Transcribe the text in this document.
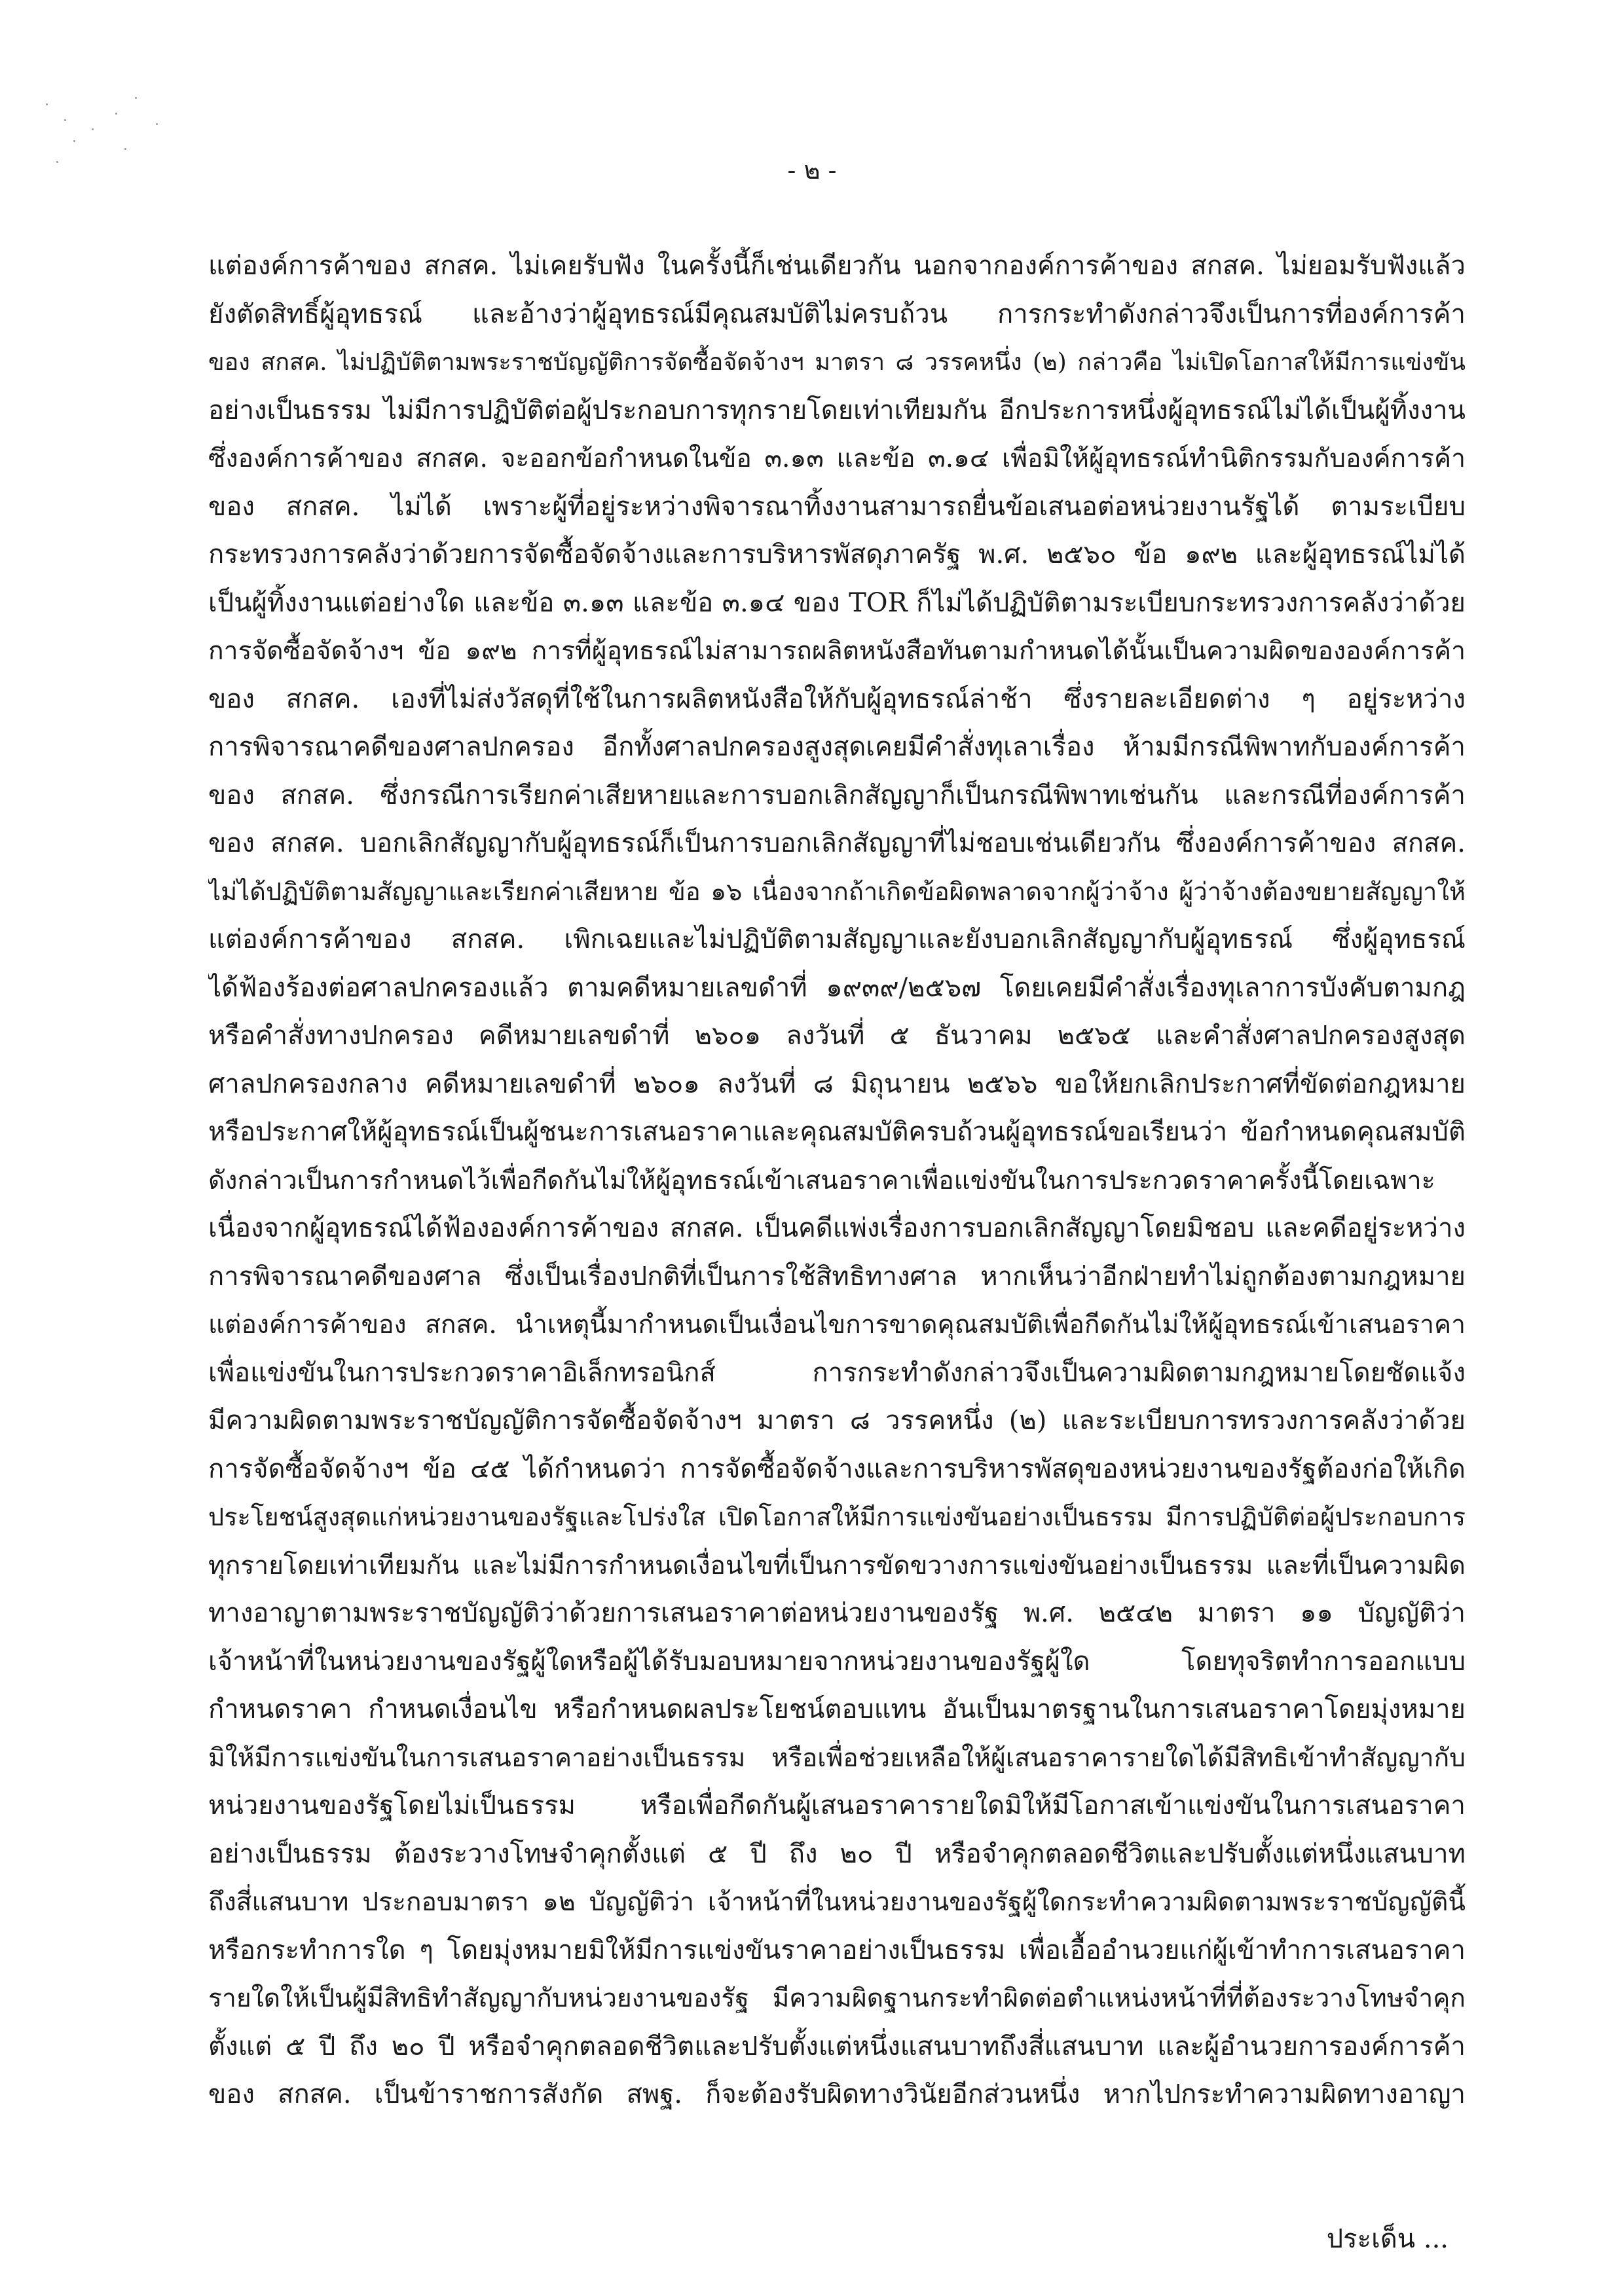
- ๒ -
แต่องค์การค้าของ สกสค. ไม่เคยรับฟัง ในครั้งนี้ก็เช่นเดียวกัน นอกจากองค์การค้าของ สกสค. ไม่ยอมรับฟังแล้ว
ยังตัดสิทธิ์ผู้อุทธรณ์ และอ้างว่าผู้อุทธรณ์มีคุณสมบัติไม่ครบถ้วน การกระทำดังกล่าวจึงเป็นการที่องค์การค้า
ของ สกสค. ไม่ปฏิบัติตามพระราชบัญญัติการจัดซื้อจัดจ้างฯ มาตรา ๘ วรรคหนึ่ง (๒) กล่าวคือ ไม่เปิดโอกาสให้มีการแข่งขัน
อย่างเป็นธรรม ไม่มีการปฏิบัติต่อผู้ประกอบการทุกรายโดยเท่าเทียมกัน อีกประการหนึ่งผู้อุทธรณ์ไม่ได้เป็นผู้ทิ้งงาน
ซึ่งองค์การค้าของ สกสค. จะออกข้อกำหนดในข้อ ๓.๑๓ และข้อ ๓.๑๔ เพื่อมิให้ผู้อุทธรณ์ทำนิติกรรมกับองค์การค้า
ของ สกสค. ไม่ได้ เพราะผู้ที่อยู่ระหว่างพิจารณาทิ้งงานสามารถยื่นข้อเสนอต่อหน่วยงานรัฐได้ ตามระเบียบ
กระทรวงการคลังว่าด้วยการจัดซื้อจัดจ้างและการบริหารพัสดุภาครัฐ พ.ศ. ๒๕๖๐ ข้อ ๑๙๒ และผู้อุทธรณ์ไม่ได้
เป็นผู้ทิ้งงานแต่อย่างใด และข้อ ๓.๑๓ และข้อ ๓.๑๔ ของ TOR ก็ไม่ได้ปฏิบัติตามระเบียบกระทรวงการคลังว่าด้วย
การจัดซื้อจัดจ้างฯ ข้อ ๑๙๒ การที่ผู้อุทธรณ์ไม่สามารถผลิตหนังสือทันตามกำหนดได้นั้นเป็นความผิดขององค์การค้า
ของ สกสค. เองที่ไม่ส่งวัสดุที่ใช้ในการผลิตหนังสือให้กับผู้อุทธรณ์ล่าช้า ซึ่งรายละเอียดต่าง ๆ อยู่ระหว่าง
การพิจารณาคดีของศาลปกครอง อีกทั้งศาลปกครองสูงสุดเคยมีคำสั่งทุเลาเรื่อง ห้ามมีกรณีพิพาทกับองค์การค้า
ของ สกสค. ซึ่งกรณีการเรียกค่าเสียหายและการบอกเลิกสัญญาก็เป็นกรณีพิพาทเช่นกัน และกรณีที่องค์การค้า
ของ สกสค. บอกเลิกสัญญากับผู้อุทธรณ์ก็เป็นการบอกเลิกสัญญาที่ไม่ชอบเช่นเดียวกัน ซึ่งองค์การค้าของ สกสค.
ไม่ได้ปฏิบัติตามสัญญาและเรียกค่าเสียหาย ข้อ ๑๖ เนื่องจากถ้าเกิดข้อผิดพลาดจากผู้ว่าจ้าง ผู้ว่าจ้างต้องขยายสัญญาให้
แต่องค์การค้าของ สกสค. เพิกเฉยและไม่ปฏิบัติตามสัญญาและยังบอกเลิกสัญญากับผู้อุทธรณ์ ซึ่งผู้อุทธรณ์
ได้ฟ้องร้องต่อศาลปกครองแล้ว ตามคดีหมายเลขดำที่ ๑๙๓๙/๒๕๖๗ โดยเคยมีคำสั่งเรื่องทุเลาการบังคับตามกฎ
หรือคำสั่งทางปกครอง คดีหมายเลขดำที่ ๒๖๐๑ ลงวันที่ ๕ ธันวาคม ๒๕๖๕ และคำสั่งศาลปกครองสูงสุด
ศาลปกครองกลาง คดีหมายเลขดำที่ ๒๖๐๑ ลงวันที่ ๘ มิถุนายน ๒๕๖๖ ขอให้ยกเลิกประกาศที่ขัดต่อกฎหมาย
หรือประกาศให้ผู้อุทธรณ์เป็นผู้ชนะการเสนอราคาและคุณสมบัติครบถ้วนผู้อุทธรณ์ขอเรียนว่า ข้อกำหนดคุณสมบัติ
ดังกล่าวเป็นการกำหนดไว้เพื่อกีดกันไม่ให้ผู้อุทธรณ์เข้าเสนอราคาเพื่อแข่งขันในการประกวดราคาครั้งนี้โดยเฉพาะ
เนื่องจากผู้อุทธรณ์ได้ฟ้ององค์การค้าของ สกสค. เป็นคดีแพ่งเรื่องการบอกเลิกสัญญาโดยมิชอบ และคดีอยู่ระหว่าง
การพิจารณาคดีของศาล ซึ่งเป็นเรื่องปกติที่เป็นการใช้สิทธิทางศาล หากเห็นว่าอีกฝ่ายทำไม่ถูกต้องตามกฎหมาย
แต่องค์การค้าของ สกสค. นำเหตุนี้มากำหนดเป็นเงื่อนไขการขาดคุณสมบัติเพื่อกีดกันไม่ให้ผู้อุทธรณ์เข้าเสนอราคา
เพื่อแข่งขันในการประกวดราคาอิเล็กทรอนิกส์ การกระทำดังกล่าวจึงเป็นความผิดตามกฎหมายโดยชัดแจ้ง
มีความผิดตามพระราชบัญญัติการจัดซื้อจัดจ้างฯ มาตรา ๘ วรรคหนึ่ง (๒) และระเบียบการทรวงการคลังว่าด้วย
การจัดซื้อจัดจ้างฯ ข้อ ๔๕ ได้กำหนดว่า การจัดซื้อจัดจ้างและการบริหารพัสดุของหน่วยงานของรัฐต้องก่อให้เกิด
ประโยชน์สูงสุดแก่หน่วยงานของรัฐและโปร่งใส เปิดโอกาสให้มีการแข่งขันอย่างเป็นธรรม มีการปฏิบัติต่อผู้ประกอบการ
ทุกรายโดยเท่าเทียมกัน และไม่มีการกำหนดเงื่อนไขที่เป็นการขัดขวางการแข่งขันอย่างเป็นธรรม และที่เป็นความผิด
ทางอาญาตามพระราชบัญญัติว่าด้วยการเสนอราคาต่อหน่วยงานของรัฐ พ.ศ. ๒๕๔๒ มาตรา ๑๑ บัญญัติว่า
เจ้าหน้าที่ในหน่วยงานของรัฐผู้ใดหรือผู้ได้รับมอบหมายจากหน่วยงานของรัฐผู้ใด โดยทุจริตทำการออกแบบ
กำหนดราคา กำหนดเงื่อนไข หรือกำหนดผลประโยชน์ตอบแทน อันเป็นมาตรฐานในการเสนอราคาโดยมุ่งหมาย
มิให้มีการแข่งขันในการเสนอราคาอย่างเป็นธรรม หรือเพื่อช่วยเหลือให้ผู้เสนอราคารายใดได้มีสิทธิเข้าทำสัญญากับ
หน่วยงานของรัฐโดยไม่เป็นธรรม หรือเพื่อกีดกันผู้เสนอราคารายใดมิให้มีโอกาสเข้าแข่งขันในการเสนอราคา
อย่างเป็นธรรม ต้องระวางโทษจำคุกตั้งแต่ ๕ ปี ถึง ๒๐ ปี หรือจำคุกตลอดชีวิตและปรับตั้งแต่หนึ่งแสนบาท
ถึงสี่แสนบาท ประกอบมาตรา ๑๒ บัญญัติว่า เจ้าหน้าที่ในหน่วยงานของรัฐผู้ใดกระทำความผิดตามพระราชบัญญัตินี้
หรือกระทำการใด ๆ โดยมุ่งหมายมิให้มีการแข่งขันราคาอย่างเป็นธรรม เพื่อเอื้ออำนวยแก่ผู้เข้าทำการเสนอราคา
รายใดให้เป็นผู้มีสิทธิทำสัญญากับหน่วยงานของรัฐ มีความผิดฐานกระทำผิดต่อตำแหน่งหน้าที่ที่ต้องระวางโทษจำคุก
ตั้งแต่ ๕ ปี ถึง ๒๐ ปี หรือจำคุกตลอดชีวิตและปรับตั้งแต่หนึ่งแสนบาทถึงสี่แสนบาท และผู้อำนวยการองค์การค้า
ของ สกสค. เป็นข้าราชการสังกัด สพฐ. ก็จะต้องรับผิดทางวินัยอีกส่วนหนึ่ง หากไปกระทำความผิดทางอาญา
ประเด็น ...
